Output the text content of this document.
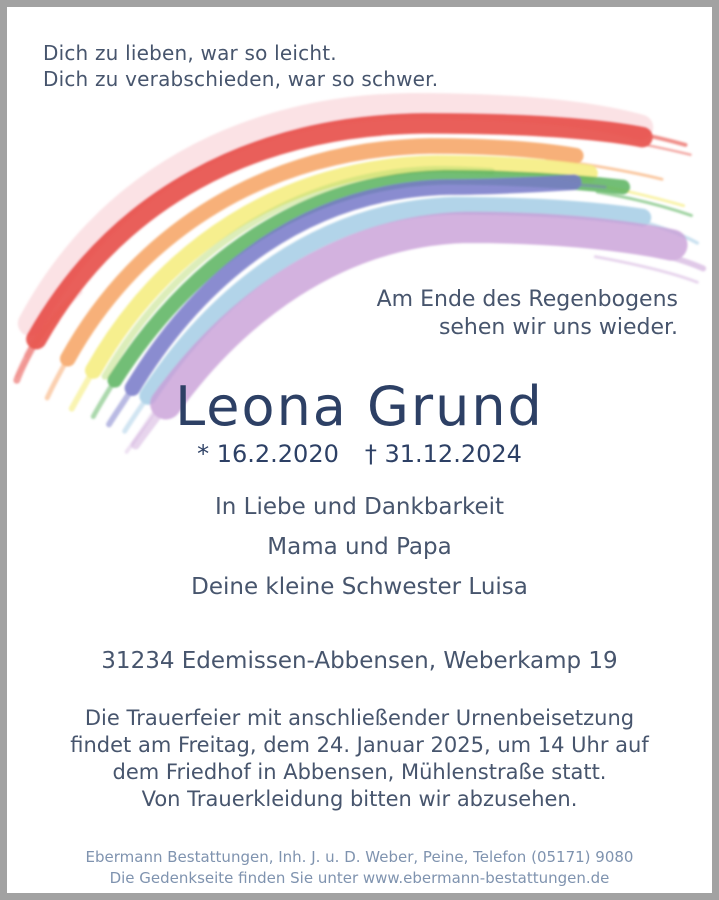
Dich zu lieben, war so leicht.
Dich zu verabschieden, war so schwer.
Am Ende des Regenbogens
sehen wir uns wieder.
Leona Grund
* 16.2.2020 † 31.12.2024
In Liebe und Dankbarkeit
Mama und Papa
Deine kleine Schwester Luisa
31234 Edemissen-Abbensen, Weberkamp 19
Die Trauerfeier mit anschließender Urnenbeisetzung
findet am Freitag, dem 24. Januar 2025, um 14 Uhr auf
dem Friedhof in Abbensen, Mühlenstraße statt.
Von Trauerkleidung bitten wir abzusehen.
Ebermann Bestattungen, Inh. J. u. D. Weber, Peine, Telefon (05171) 9080
Die Gedenkseite finden Sie unter www.ebermann-bestattungen.de
